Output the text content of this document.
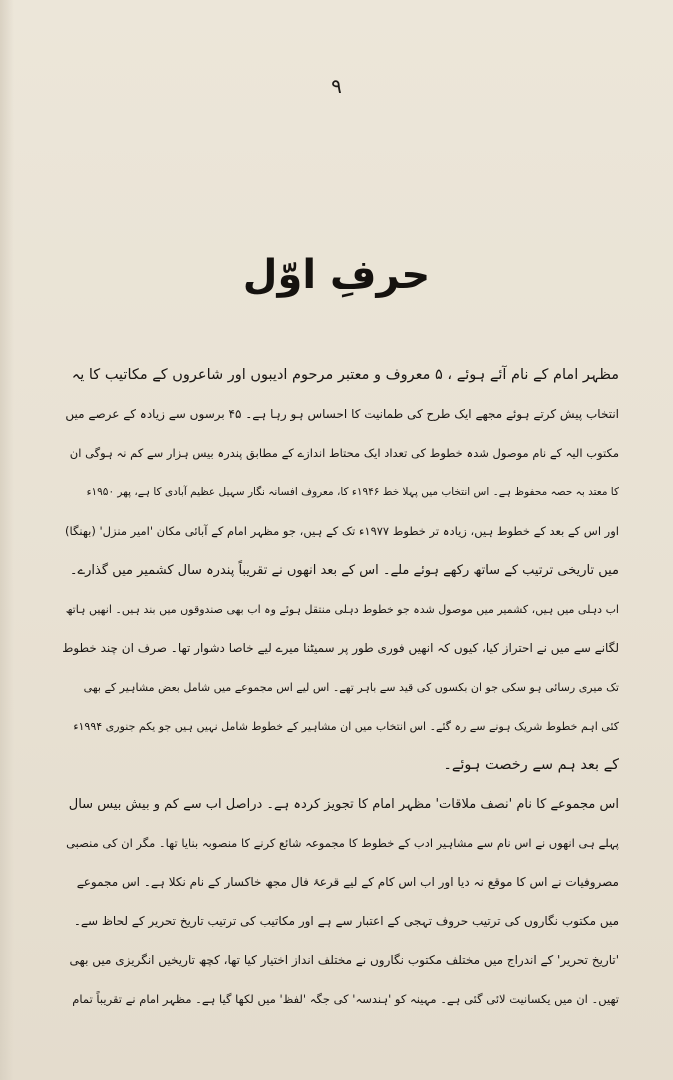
۹
حرفِ اوّل
مظہر امام کے نام آئے ہوئے ، ۵ معروف و معتبر مرحوم ادیبوں اور شاعروں کے مکاتیب کا یہ
انتخاب پیش کرتے ہوئے مجھے ایک طرح کی طمانیت کا احساس ہو رہا ہے۔ ۴۵ برسوں سے زیادہ کے عرصے میں
مکتوب الیہ کے نام موصول شدہ خطوط کی تعداد ایک محتاط اندازے کے مطابق پندرہ بیس ہزار سے کم نہ ہوگی ان
کا معتد بہ حصہ محفوظ ہے۔ اس انتخاب میں پہلا خط ۱۹۴۶ء کا، معروف افسانہ نگار سہیل عظیم آبادی کا ہے، پھر ۱۹۵۰ء
اور اس کے بعد کے خطوط ہیں، زیادہ تر خطوط ۱۹۷۷ء تک کے ہیں، جو مظہر امام کے آبائی مکان 'امیر منزل' (بھنگا)
میں تاریخی ترتیب کے ساتھ رکھے ہوئے ملے۔ اس کے بعد انھوں نے تقریباً پندرہ سال کشمیر میں گذارے۔
اب دہلی میں ہیں، کشمیر میں موصول شدہ جو خطوط دہلی منتقل ہوئے وہ اب بھی صندوقوں میں بند ہیں۔ انھیں ہاتھ
لگانے سے میں نے احتراز کیا، کیوں کہ انھیں فوری طور پر سمیٹنا میرے لیے خاصا دشوار تھا۔ صرف ان چند خطوط
تک میری رسائی ہو سکی جو ان بکسوں کی قید سے باہر تھے۔ اس لیے اس مجموعے میں شامل بعض مشاہیر کے بھی
کئی اہم خطوط شریک ہونے سے رہ گئے۔ اس انتخاب میں ان مشاہیر کے خطوط شامل نہیں ہیں جو یکم جنوری ۱۹۹۴ء
کے بعد ہم سے رخصت ہوئے۔
اس مجموعے کا نام 'نصف ملاقات' مظہر امام کا تجویز کردہ ہے۔ دراصل اب سے کم و بیش بیس سال
پہلے ہی انھوں نے اس نام سے مشاہیر ادب کے خطوط کا مجموعہ شائع کرنے کا منصوبہ بنایا تھا۔ مگر ان کی منصبی
مصروفیات نے اس کا موقع نہ دیا اور اب اس کام کے لیے قرعۂ فال مجھ خاکسار کے نام نکلا ہے۔ اس مجموعے
میں مکتوب نگاروں کی ترتیب حروف تہجی کے اعتبار سے ہے اور مکاتیب کی ترتیب تاریخ تحریر کے لحاظ سے۔
'تاریخ تحریر' کے اندراج میں مختلف مکتوب نگاروں نے مختلف انداز اختیار کیا تھا، کچھ تاریخیں انگریزی میں بھی
تھیں۔ ان میں یکسانیت لائی گئی ہے۔ مہینہ کو 'ہندسہ' کی جگہ 'لفظ' میں لکھا گیا ہے۔ مظہر امام نے تقریباً تمام
